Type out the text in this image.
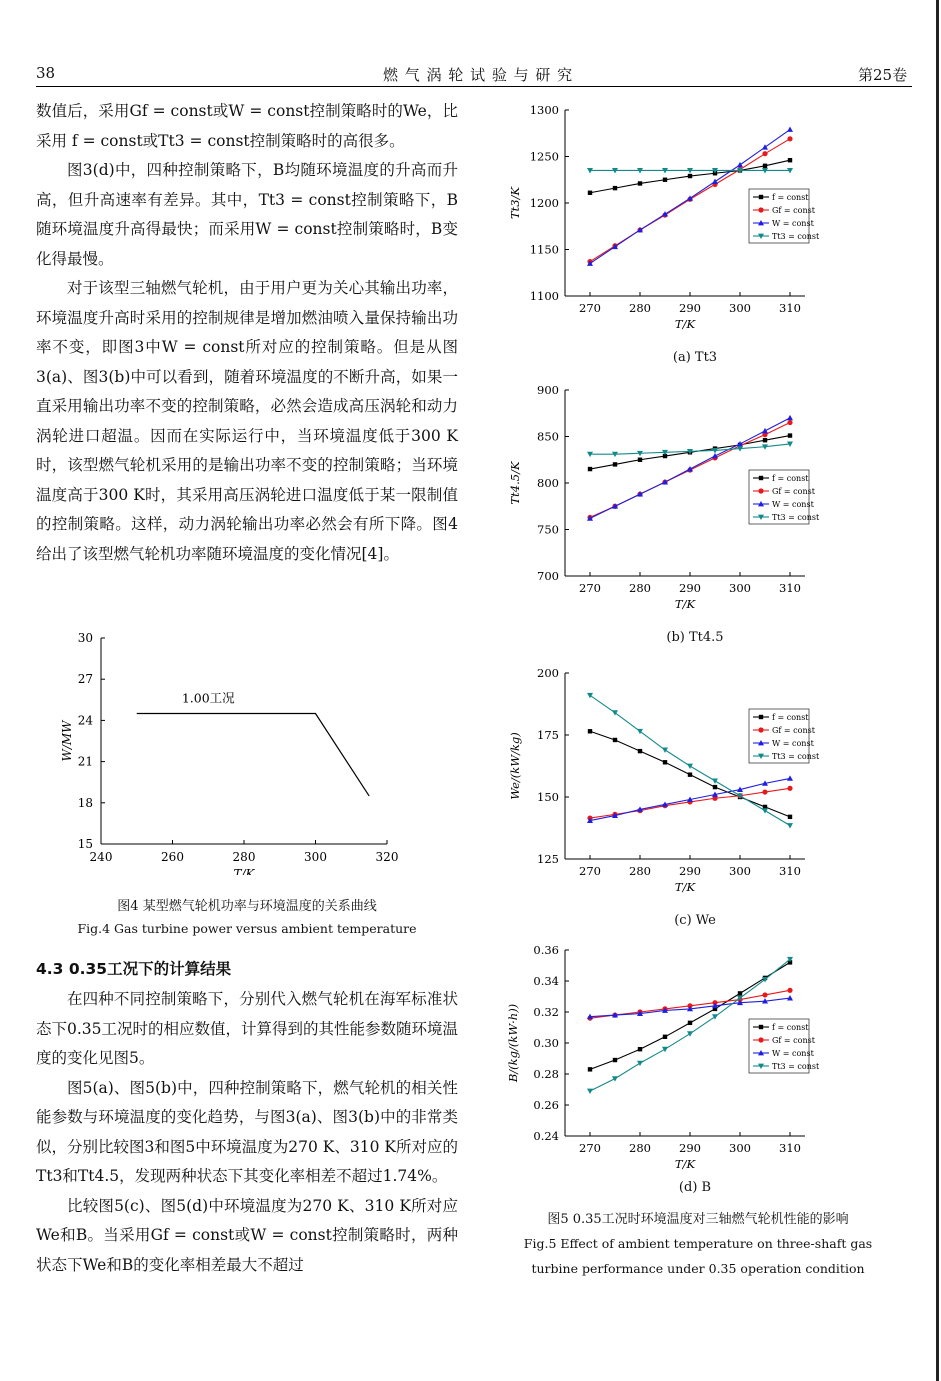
38	燃 气 涡 轮 试 验 与 研 究	第25卷

数值后，采用Gf = const或W = const控制策略时的We，比采用 f = const或Tt3 = const控制策略时的高很多。

图3(d)中，四种控制策略下，B均随环境温度的升高而升高，但升高速率有差异。其中，Tt3 = const控制策略下，B随环境温度升高得最快；而采用W = const控制策略时，B变化得最慢。

对于该型三轴燃气轮机，由于用户更为关心其输出功率，环境温度升高时采用的控制规律是增加燃油喷入量保持输出功率不变，即图3中W = const所对应的控制策略。但是从图3(a)、图3(b)中可以看到，随着环境温度的不断升高，如果一直采用输出功率不变的控制策略，必然会造成高压涡轮和动力涡轮进口超温。因而在实际运行中，当环境温度低于300 K时，该型燃气轮机采用的是输出功率不变的控制策略；当环境温度高于300 K时，其采用高压涡轮进口温度低于某一限制值的控制策略。这样，动力涡轮输出功率必然会有所下降。图4给出了该型燃气轮机功率随环境温度的变化情况[4]。

15
18
21
24
27
30
240	260	280	300	320
T/K
W/MW
1.00工况
图4 某型燃气轮机功率与环境温度的关系曲线
Fig.4 Gas turbine power versus ambient temperature
4.3 0.35工况下的计算结果

在四种不同控制策略下，分别代入燃气轮机在海军标准状态下0.35工况时的相应数值，计算得到的其性能参数随环境温度的变化见图5。

图5(a)、图5(b)中，四种控制策略下，燃气轮机的相关性能参数与环境温度的变化趋势，与图3(a)、图3(b)中的非常类似，分别比较图3和图5中环境温度为270 K、310 K所对应的Tt3和Tt4.5，发现两种状态下其变化率相差不超过1.74%。

比较图5(c)、图5(d)中环境温度为270 K、310 K所对应We和B。当采用Gf = const或W = const控制策略时，两种状态下We和B的变化率相差最大不超过

1100
1150
1200
1250
1300
270 280 290 300 310
T/K
Tt3/K	f = const
Gf = const
W = const
Tt3 = const
(a) Tt3
700
750
800
850
900
270 280 290 300 310
T/K
Tt4.5/K	f = const
Gf = const
W = const
Tt3 = const
(b) Tt4.5
125
150
175
200
270 280 290 300 310
T/K
We/(kW/kg)
f = const
Gf = const
W = const
Tt3 = const
(c) We
0.24
0.26
0.28
0.30
0.32
0.34
0.36
270 280 290 300 310
T/K
B/(kg/(kW·h))	f = const
Gf = const
W = const
Tt3 = const
(d) B
图5 0.35工况时环境温度对三轴燃气轮机性能的影响
Fig.5 Effect of ambient temperature on three-shaft gas
turbine performance under 0.35 operation condition
